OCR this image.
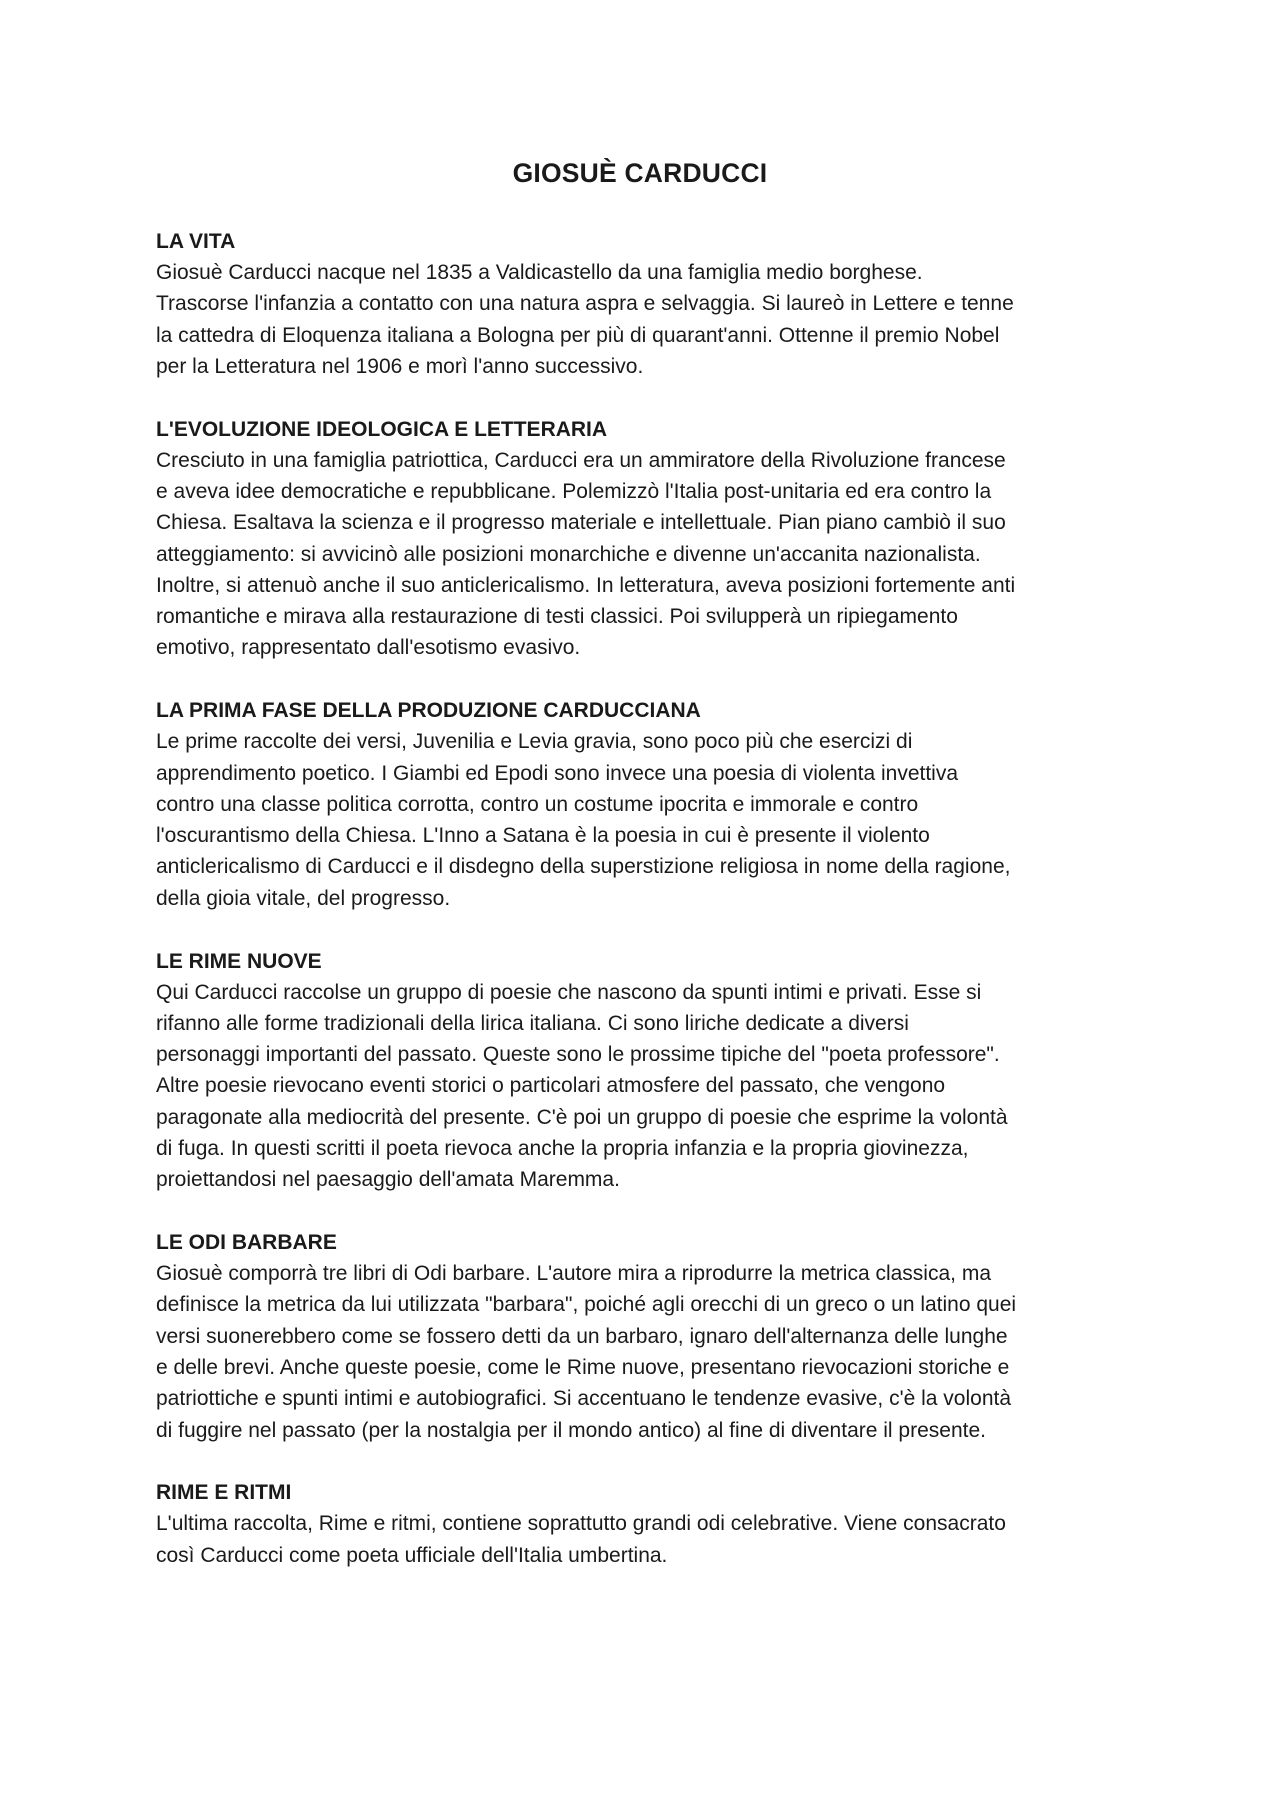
GIOSUÈ CARDUCCI
LA VITA

Giosuè Carducci nacque nel 1835 a Valdicastello da una famiglia medio borghese.
Trascorse l'infanzia a contatto con una natura aspra e selvaggia. Si laureò in Lettere e tenne
la cattedra di Eloquenza italiana a Bologna per più di quarant'anni. Ottenne il premio Nobel
per la Letteratura nel 1906 e morì l'anno successivo.

L'EVOLUZIONE IDEOLOGICA E LETTERARIA

Cresciuto in una famiglia patriottica, Carducci era un ammiratore della Rivoluzione francese
e aveva idee democratiche e repubblicane. Polemizzò l'Italia post-unitaria ed era contro la
Chiesa. Esaltava la scienza e il progresso materiale e intellettuale. Pian piano cambiò il suo
atteggiamento: si avvicinò alle posizioni monarchiche e divenne un'accanita nazionalista.
Inoltre, si attenuò anche il suo anticlericalismo. In letteratura, aveva posizioni fortemente anti
romantiche e mirava alla restaurazione di testi classici. Poi svilupperà un ripiegamento
emotivo, rappresentato dall'esotismo evasivo.

LA PRIMA FASE DELLA PRODUZIONE CARDUCCIANA

Le prime raccolte dei versi, Juvenilia e Levia gravia, sono poco più che esercizi di
apprendimento poetico. I Giambi ed Epodi sono invece una poesia di violenta invettiva
contro una classe politica corrotta, contro un costume ipocrita e immorale e contro
l'oscurantismo della Chiesa. L'Inno a Satana è la poesia in cui è presente il violento
anticlericalismo di Carducci e il disdegno della superstizione religiosa in nome della ragione,
della gioia vitale, del progresso.

LE RIME NUOVE

Qui Carducci raccolse un gruppo di poesie che nascono da spunti intimi e privati. Esse si
rifanno alle forme tradizionali della lirica italiana. Ci sono liriche dedicate a diversi
personaggi importanti del passato. Queste sono le prossime tipiche del "poeta professore".
Altre poesie rievocano eventi storici o particolari atmosfere del passato, che vengono
paragonate alla mediocrità del presente. C'è poi un gruppo di poesie che esprime la volontà
di fuga. In questi scritti il poeta rievoca anche la propria infanzia e la propria giovinezza,
proiettandosi nel paesaggio dell'amata Maremma.

LE ODI BARBARE

Giosuè comporrà tre libri di Odi barbare. L'autore mira a riprodurre la metrica classica, ma
definisce la metrica da lui utilizzata "barbara", poiché agli orecchi di un greco o un latino quei
versi suonerebbero come se fossero detti da un barbaro, ignaro dell'alternanza delle lunghe
e delle brevi. Anche queste poesie, come le Rime nuove, presentano rievocazioni storiche e
patriottiche e spunti intimi e autobiografici. Si accentuano le tendenze evasive, c'è la volontà
di fuggire nel passato (per la nostalgia per il mondo antico) al fine di diventare il presente.

RIME E RITMI

L'ultima raccolta, Rime e ritmi, contiene soprattutto grandi odi celebrative. Viene consacrato
così Carducci come poeta ufficiale dell'Italia umbertina.
